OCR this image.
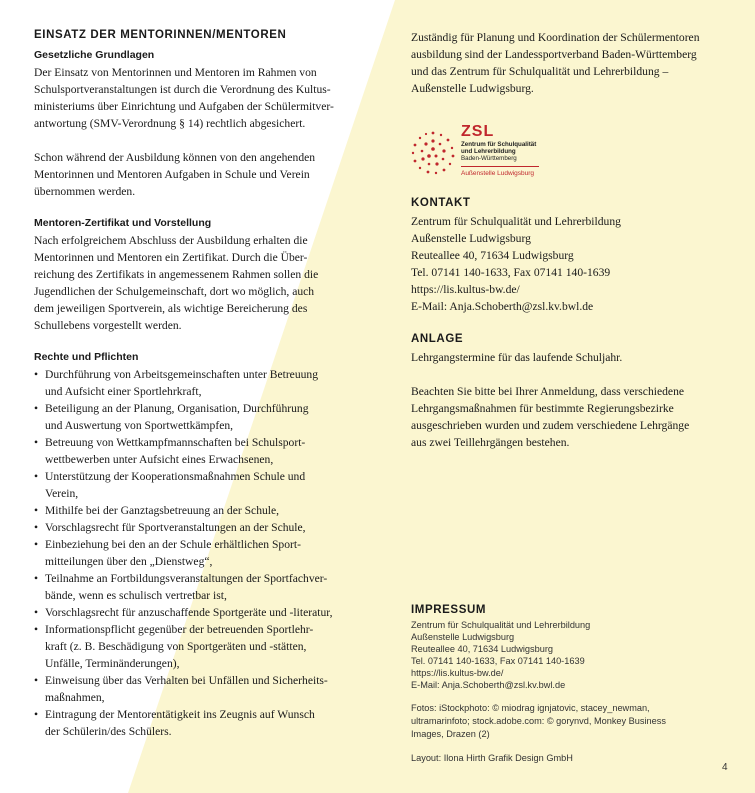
EINSATZ DER MENTORINNEN/MENTOREN
Gesetzliche Grundlagen
Der Einsatz von Mentorinnen und Mentoren im Rahmen von
Schulsportveranstaltungen ist durch die Verordnung des Kultus-
ministeriums über Einrichtung und Aufgaben der Schülermitver-
antwortung (SMV-Verordnung § 14) rechtlich abgesichert.
Schon während der Ausbildung können von den angehenden
Mentorinnen und Mentoren Aufgaben in Schule und Verein
übernommen werden.
Mentoren-Zertifikat und Vorstellung
Nach erfolgreichem Abschluss der Ausbildung erhalten die
Mentorinnen und Mentoren ein Zertifikat. Durch die Über-
reichung des Zertifikats in angemessenem Rahmen sollen die
Jugendlichen der Schulgemeinschaft, dort wo möglich, auch
dem jeweiligen Sportverein, als wichtige Bereicherung des
Schullebens vorgestellt werden.
Rechte und Pflichten
• Durchführung von Arbeitsgemeinschaften unter Betreuung
und Aufsicht einer Sportlehrkraft,
• Beteiligung an der Planung, Organisation, Durchführung
und Auswertung von Sportwettkämpfen,
• Betreuung von Wettkampfmannschaften bei Schulsport-
wettbewerben unter Aufsicht eines Erwachsenen,
• Unterstützung der Kooperationsmaßnahmen Schule und
Verein,
• Mithilfe bei der Ganztagsbetreuung an der Schule,
• Vorschlagsrecht für Sportveranstaltungen an der Schule,
• Einbeziehung bei den an der Schule erhältlichen Sport-
mitteilungen über den „Dienstweg“,
• Teilnahme an Fortbildungsveranstaltungen der Sportfachver-
bände, wenn es schulisch vertretbar ist,
• Vorschlagsrecht für anzuschaffende Sportgeräte und -literatur,
• Informationspflicht gegenüber der betreuenden Sportlehr-
kraft (z. B. Beschädigung von Sportgeräten und -stätten,
Unfälle, Terminänderungen),
• Einweisung über das Verhalten bei Unfällen und Sicherheits-
maßnahmen,
• Eintragung der Mentorentätigkeit ins Zeugnis auf Wunsch
der Schülerin/des Schülers.
Zuständig für Planung und Koordination der Schülermentoren
ausbildung sind der Landessportverband Baden-Württemberg
und das Zentrum für Schulqualität und Lehrerbildung –
Außenstelle Ludwigsburg.
ZSL
Zentrum für Schulqualität
und Lehrerbildung
Baden-Württemberg
Außenstelle Ludwigsburg
KONTAKT
Zentrum für Schulqualität und Lehrerbildung
Außenstelle Ludwigsburg
Reuteallee 40, 71634 Ludwigsburg
Tel. 07141 140-1633, Fax 07141 140-1639
https://lis.kultus-bw.de/
E-Mail: Anja.Schoberth@zsl.kv.bwl.de
ANLAGE
Lehrgangstermine für das laufende Schuljahr.
Beachten Sie bitte bei Ihrer Anmeldung, dass verschiedene
Lehrgangsmaßnahmen für bestimmte Regierungsbezirke
ausgeschrieben wurden und zudem verschiedene Lehrgänge
aus zwei Teillehrgängen bestehen.
IMPRESSUM
Zentrum für Schulqualität und Lehrerbildung
Außenstelle Ludwigsburg
Reuteallee 40, 71634 Ludwigsburg
Tel. 07141 140-1633, Fax 07141 140-1639
https://lis.kultus-bw.de/
E-Mail: Anja.Schoberth@zsl.kv.bwl.de
Fotos: iStockphoto: © miodrag ignjatovic, stacey_newman,
ultramarinfoto; stock.adobe.com: © gorynvd, Monkey Business
Images, Drazen (2)
Layout: Ilona Hirth Grafik Design GmbH
4
